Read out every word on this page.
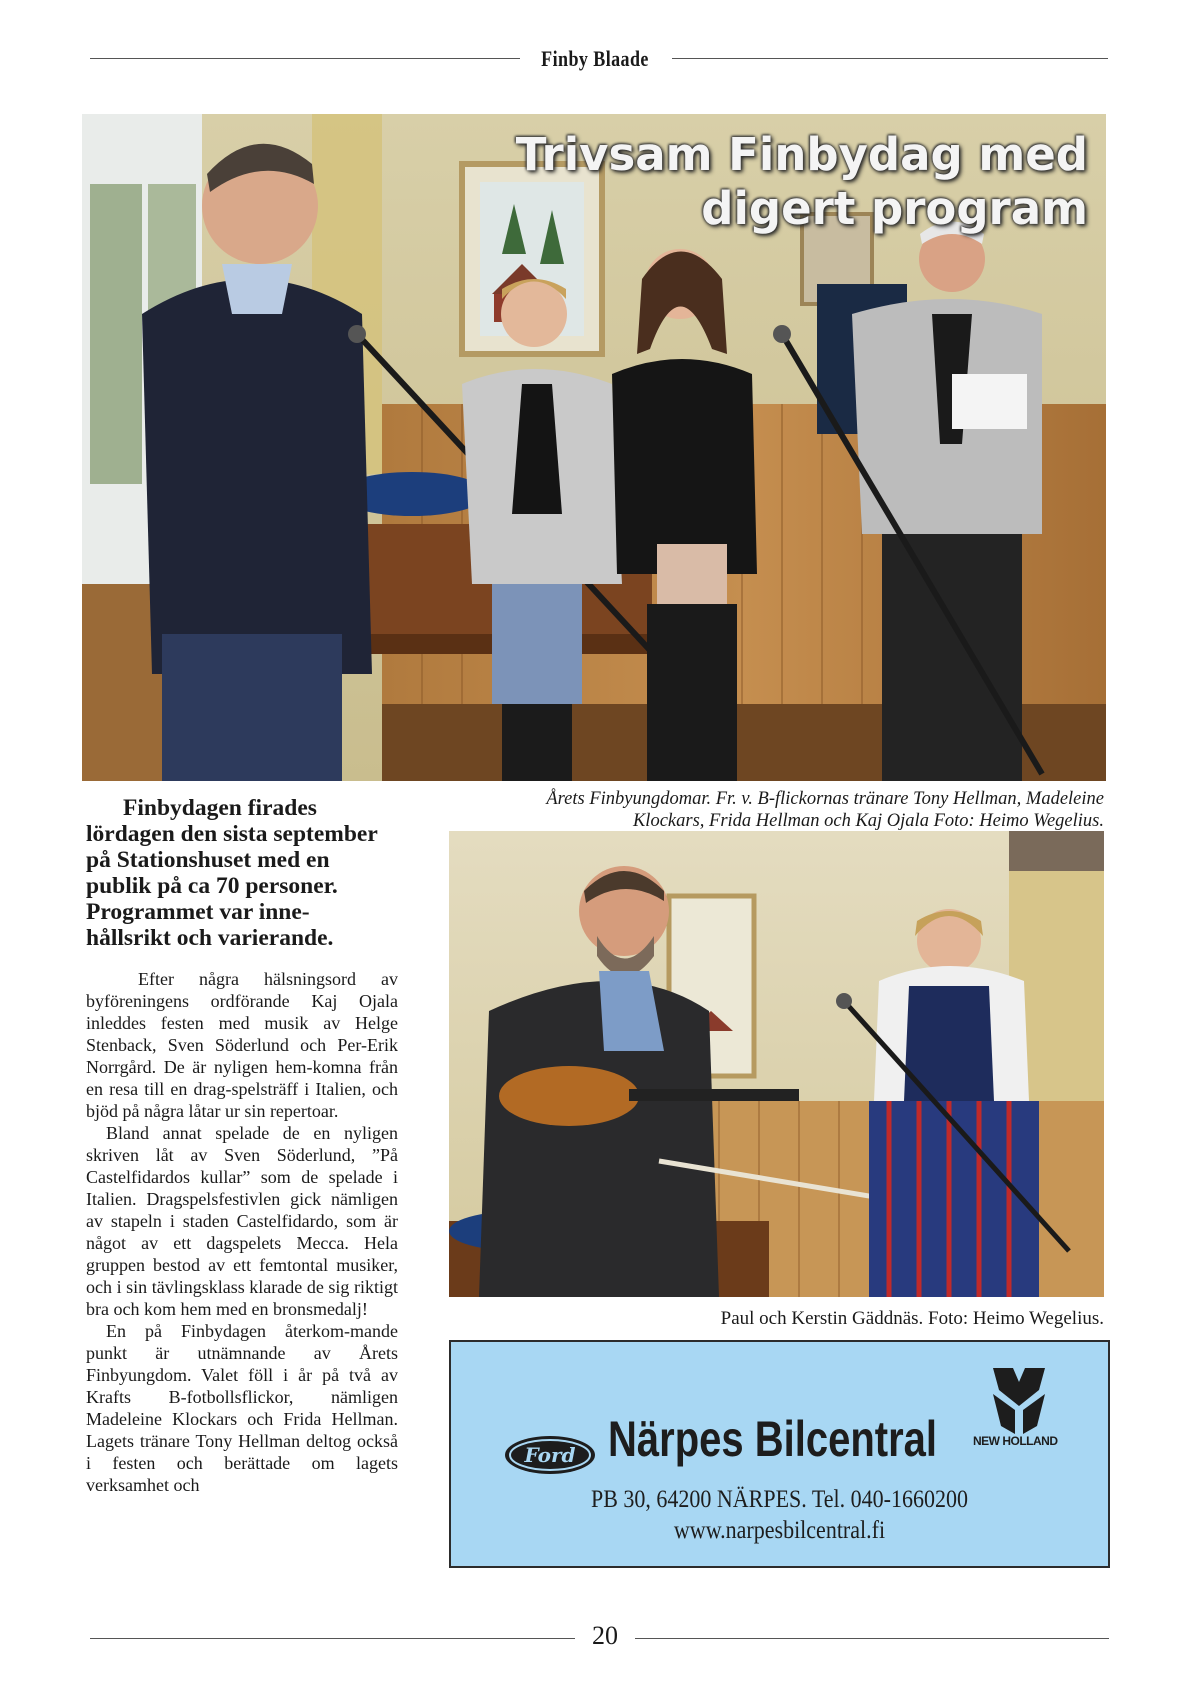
Finby Blaade
Trivsam Finbydag med
digert program
Årets Finbyungdomar. Fr. v. B-flickornas tränare Tony Hellman, Madeleine
Klockars, Frida Hellman och Kaj Ojala Foto: Heimo Wegelius.
Paul och Kerstin Gäddnäs. Foto: Heimo Wegelius.
Finbydagen firades
lördagen den sista september
på Stationshuset med en
publik på ca 70 personer.
Programmet var inne-
hållsrikt och varierande.

Efter några hälsningsord av byföreningens ordförande Kaj Ojala inleddes festen med musik av Helge Stenback, Sven Söderlund och Per-Erik Norrgård. De är nyligen hem-komna från en resa till en drag-spelsträff i Italien, och bjöd på några låtar ur sin repertoar.

Bland annat spelade de en nyligen skriven låt av Sven Söderlund, ”På Castelfidardos kullar” som de spelade i Italien. Dragspelsfestivlen gick nämligen av stapeln i staden Castelfidardo, som är något av ett dagspelets Mecca. Hela gruppen bestod av ett femtontal musiker, och i sin tävlingsklass klarade de sig riktigt bra och kom hem med en bronsmedalj!

En på Finbydagen återkom-mande punkt är utnämnande av Årets Finbyungdom. Valet föll i år på två av Krafts B-fotbollsflickor, nämligen Madeleine Klockars och Frida Hellman. Lagets tränare Tony Hellman deltog också i festen och berättade om lagets verksamhet och

Ford Närpes Bilcentral	NEW HOLLAND
PB 30, 64200 NÄRPES. Tel. 040-1660200
www.narpesbilcentral.fi
20
